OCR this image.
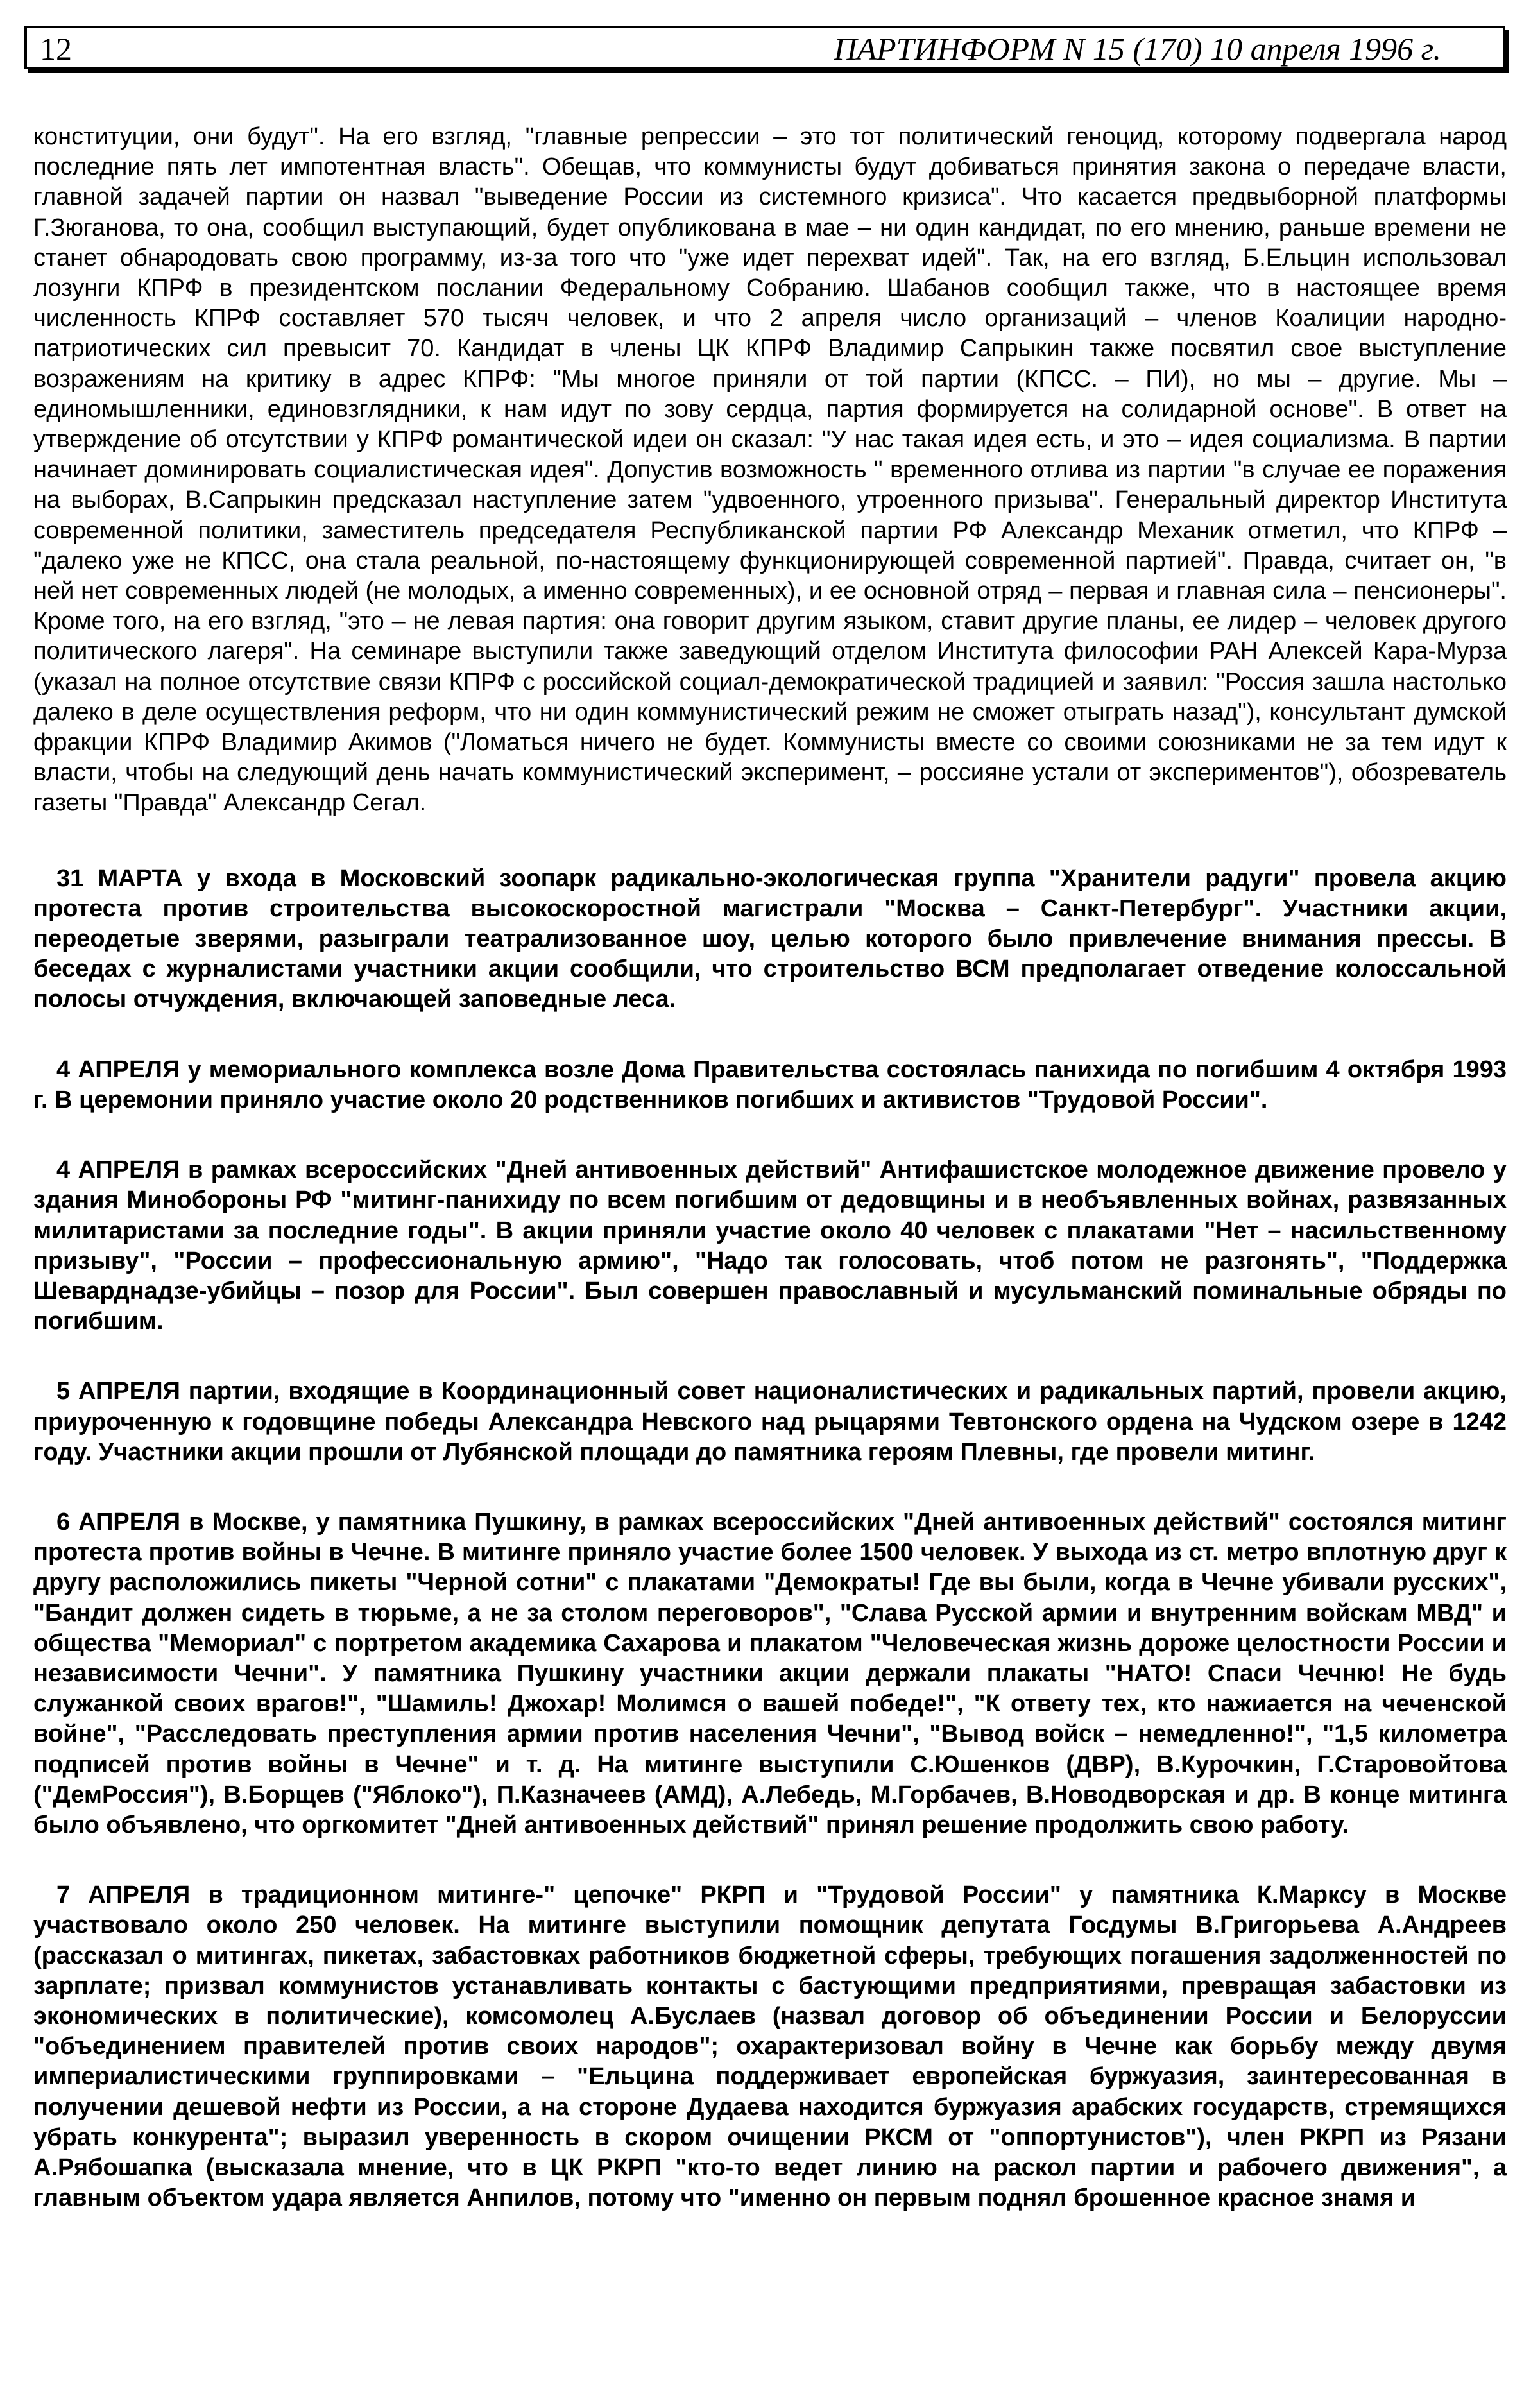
12	ПАРТИНФОРМ N 15 (170) 10 апреля 1996 г.

конституции, они будут". На его взгляд, "главные репрессии – это тот политический геноцид, которому подвергала народ последние пять лет импотентная власть". Обещав, что коммунисты будут добиваться принятия закона о передаче власти, главной задачей партии он назвал "выведение России из системного кризиса". Что касается предвыборной платформы Г.Зюганова, то она, сообщил выступающий, будет опубликована в мае – ни один кандидат, по его мнению, раньше времени не станет обнародовать свою программу, из-за того что "уже идет перехват идей". Так, на его взгляд, Б.Ельцин использовал лозунги КПРФ в президентском послании Федеральному Собранию. Шабанов сообщил также, что в настоящее время численность КПРФ составляет 570 тысяч человек, и что 2 апреля число организаций – членов Коалиции народно-патриотических сил превысит 70. Кандидат в члены ЦК КПРФ Владимир Сапрыкин также посвятил свое выступление возражениям на критику в адрес КПРФ: "Мы многое приняли от той партии (КПСС. – ПИ), но мы – другие. Мы – единомышленники, единовзглядники, к нам идут по зову сердца, партия формируется на солидарной основе". В ответ на утверждение об отсутствии у КПРФ романтической идеи он сказал: "У нас такая идея есть, и это – идея социализма. В партии начинает доминировать социалистическая идея". Допустив возможность " временного отлива из партии "в случае ее поражения на выборах, В.Сапрыкин предсказал наступление затем "удвоенного, утроенного призыва". Генеральный директор Института современной политики, заместитель председателя Республиканской партии РФ Александр Механик отметил, что КПРФ – "далеко уже не КПСС, она стала реальной, по-настоящему функционирующей современной партией". Правда, считает он, "в ней нет современных людей (не молодых, а именно современных), и ее основной отряд – первая и главная сила – пенсионеры". Кроме того, на его взгляд, "это – не левая партия: она говорит другим языком, ставит другие планы, ее лидер – человек другого политического лагеря". На семинаре выступили также заведующий отделом Института философии РАН Алексей Кара-Мурза (указал на полное отсутствие связи КПРФ с российской социал-демократической традицией и заявил: "Россия зашла настолько далеко в деле осуществления реформ, что ни один коммунистический режим не сможет отыграть назад"), консультант думской фракции КПРФ Владимир Акимов ("Ломаться ничего не будет. Коммунисты вместе со своими союзниками не за тем идут к власти, чтобы на следующий день начать коммунистический эксперимент, – россияне устали от экспериментов"), обозреватель газеты "Правда" Александр Сегал.

31 МАРТА у входа в Московский зоопарк радикально-экологическая группа "Хранители радуги" провела акцию протеста против строительства высокоскоростной магистрали "Москва – Санкт-Петербург". Участники акции, переодетые зверями, разыграли театрализованное шоу, целью которого было привлечение внимания прессы. В беседах с журналистами участники акции сообщили, что строительство ВСМ предполагает отведение колоссальной полосы отчуждения, включающей заповедные леса.

4 АПРЕЛЯ у мемориального комплекса возле Дома Правительства состоялась панихида по погибшим 4 октября 1993 г. В церемонии приняло участие около 20 родственников погибших и активистов "Трудовой России".

4 АПРЕЛЯ в рамках всероссийских "Дней антивоенных действий" Антифашистское молодежное движение провело у здания Минобороны РФ "митинг-панихиду по всем погибшим от дедовщины и в необъявленных войнах, развязанных милитаристами за последние годы". В акции приняли участие около 40 человек с плакатами "Нет – насильственному призыву", "России – профессиональную армию", "Надо так голосовать, чтоб потом не разгонять", "Поддержка Шеварднадзе-убийцы – позор для России". Был совершен православный и мусульманский поминальные обряды по погибшим.

5 АПРЕЛЯ партии, входящие в Координационный совет националистических и радикальных партий, провели акцию, приуроченную к годовщине победы Александра Невского над рыцарями Тевтонского ордена на Чудском озере в 1242 году. Участники акции прошли от Лубянской площади до памятника героям Плевны, где провели митинг.

6 АПРЕЛЯ в Москве, у памятника Пушкину, в рамках всероссийских "Дней антивоенных действий" состоялся митинг протеста против войны в Чечне. В митинге приняло участие более 1500 человек. У выхода из ст. метро вплотную друг к другу расположились пикеты "Черной сотни" с плакатами "Демократы! Где вы были, когда в Чечне убивали русских", "Бандит должен сидеть в тюрьме, а не за столом переговоров", "Слава Русской армии и внутренним войскам МВД" и общества "Мемориал" с портретом академика Сахарова и плакатом "Человеческая жизнь дороже целостности России и независимости Чечни". У памятника Пушкину участники акции держали плакаты "НАТО! Спаси Чечню! Не будь служанкой своих врагов!", "Шамиль! Джохар! Молимся о вашей победе!", "К ответу тех, кто нажиается на чеченской войне", "Расследовать преступления армии против населения Чечни", "Вывод войск – немедленно!", "1,5 километра подписей против войны в Чечне" и т. д. На митинге выступили С.Юшенков (ДВР), В.Курочкин, Г.Старовойтова ("ДемРоссия"), В.Борщев ("Яблоко"), П.Казначеев (АМД), А.Лебедь, М.Горбачев, В.Новодворская и др. В конце митинга было объявлено, что оргкомитет "Дней антивоенных действий" принял решение продолжить свою работу.

7 АПРЕЛЯ в традиционном митинге-" цепочке" РКРП и "Трудовой России" у памятника К.Марксу в Москве участвовало около 250 человек. На митинге выступили помощник депутата Госдумы В.Григорьева А.Андреев (рассказал о митингах, пикетах, забастовках работников бюджетной сферы, требующих погашения задолженностей по зарплате; призвал коммунистов устанавливать контакты с бастующими предприятиями, превращая забастовки из экономических в политические), комсомолец А.Буслаев (назвал договор об объединении России и Белоруссии "объединением правителей против своих народов"; охарактеризовал войну в Чечне как борьбу между двумя империалистическими группировками – "Ельцина поддерживает европейская буржуазия, заинтересованная в получении дешевой нефти из России, а на стороне Дудаева находится буржуазия арабских государств, стремящихся убрать конкурента"; выразил уверенность в скором очищении РКСМ от "оппортунистов"), член РКРП из Рязани А.Рябошапка (высказала мнение, что в ЦК РКРП "кто-то ведет линию на раскол партии и рабочего движения", а главным объектом удара является Анпилов, потому что "именно он первым поднял брошенное красное знамя и
